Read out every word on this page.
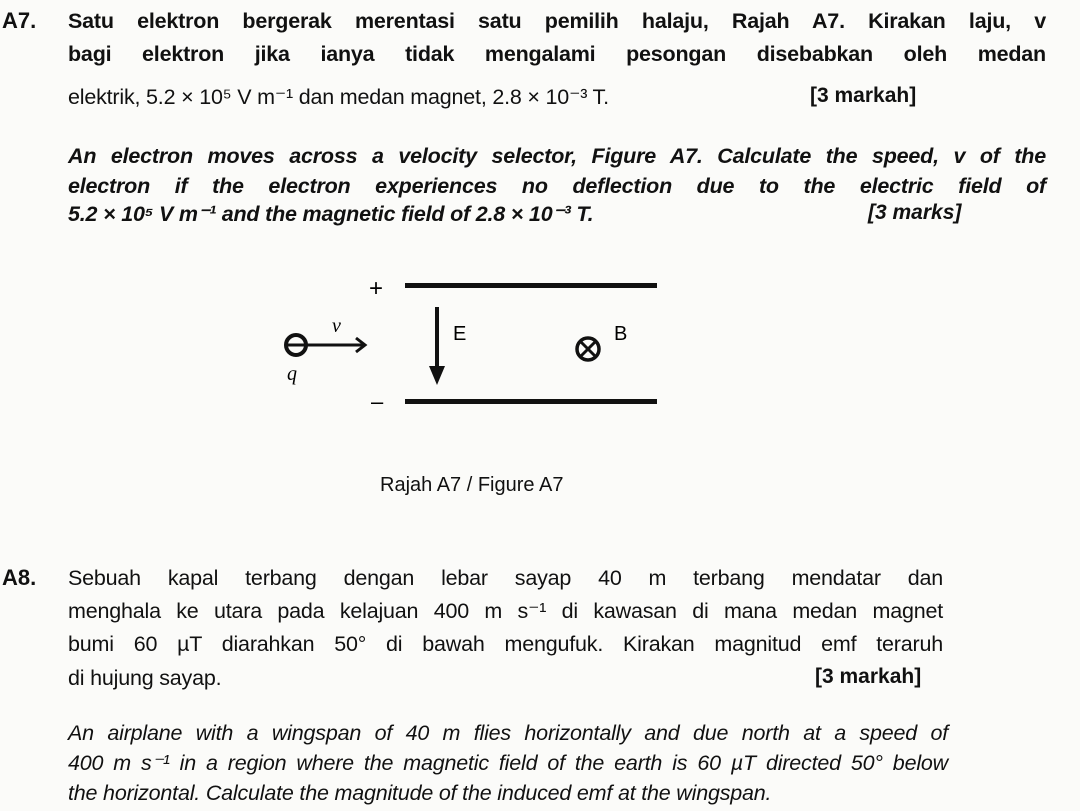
A7. Satu elektron bergerak merentasi satu pemilih halaju, Rajah A7. Kirakan laju, v
bagi elektron jika ianya tidak mengalami pesongan disebabkan oleh medan
elektrik, 5.2 × 10⁵ V m⁻¹ dan medan magnet, 2.8 × 10⁻³ T.	[3 markah]
An electron moves across a velocity selector, Figure A7. Calculate the speed, v of the
electron if the electron experiences no deflection due to the electric field of
5.2 × 10⁵ V m⁻¹ and the magnetic field of 2.8 × 10⁻³ T.	[3 marks]
+
–
v
q
E	B
Rajah A7 / Figure A7
A8. Sebuah kapal terbang dengan lebar sayap 40 m terbang mendatar dan
menghala ke utara pada kelajuan 400 m s⁻¹ di kawasan di mana medan magnet
bumi 60 µT diarahkan 50° di bawah mengufuk. Kirakan magnitud emf teraruh
di hujung sayap.	[3 markah]
An airplane with a wingspan of 40 m flies horizontally and due north at a speed of
400 m s⁻¹ in a region where the magnetic field of the earth is 60 µT directed 50° below
the horizontal. Calculate the magnitude of the induced emf at the wingspan.
